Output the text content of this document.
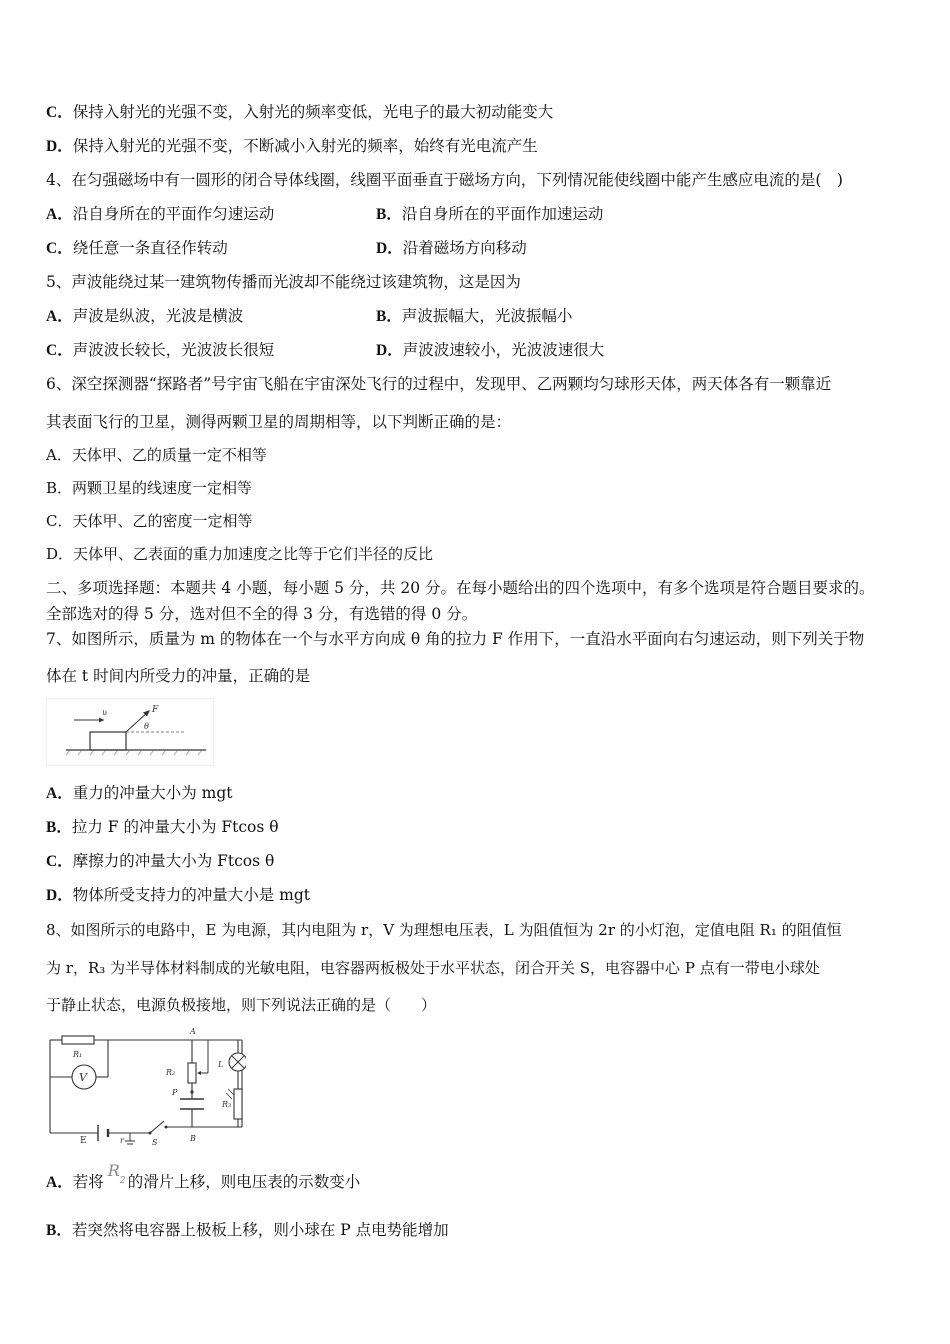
C．保持入射光的光强不变，入射光的频率变低，光电子的最大初动能变大
D．保持入射光的光强不变，不断减小入射光的频率，始终有光电流产生
4、在匀强磁场中有一圆形的闭合导体线圈，线圈平面垂直于磁场方向，下列情况能使线圈中能产生感应电流的是(　)
A．沿自身所在的平面作匀速运动	B．沿自身所在的平面作加速运动
C．绕任意一条直径作转动	D．沿着磁场方向移动
5、声波能绕过某一建筑物传播而光波却不能绕过该建筑物，这是因为
A．声波是纵波，光波是横波	B．声波振幅大，光波振幅小
C．声波波长较长，光波波长很短	D．声波波速较小，光波波速很大
6、深空探测器“探路者”号宇宙飞船在宇宙深处飞行的过程中，发现甲、乙两颗均匀球形天体，两天体各有一颗靠近
其表面飞行的卫星，测得两颗卫星的周期相等，以下判断正确的是：
A．天体甲、乙的质量一定不相等
B．两颗卫星的线速度一定相等
C．天体甲、乙的密度一定相等
D．天体甲、乙表面的重力加速度之比等于它们半径的反比
二、多项选择题：本题共 4 小题，每小题 5 分，共 20 分。在每小题给出的四个选项中，有多个选项是符合题目要求的。
全部选对的得 5 分，选对但不全的得 3 分，有选错的得 0 分。
7、如图所示，质量为 m 的物体在一个与水平方向成 θ 角的拉力 F 作用下，一直沿水平面向右匀速运动，则下列关于物
体在 t 时间内所受力的冲量，正确的是
υ	F
θ
A．重力的冲量大小为 mgt
B．拉力 F 的冲量大小为 Ftcos θ
C．摩擦力的冲量大小为 Ftcos θ
D．物体所受支持力的冲量大小是 mgt
8、如图所示的电路中，E 为电源，其内电阻为 r，V 为理想电压表，L 为阻值恒为 2r 的小灯泡，定值电阻 R₁ 的阻值恒
为 r，R₃ 为半导体材料制成的光敏电阻，电容器两板极处于水平状态，闭合开关 S，电容器中心 P 点有一带电小球处
于静止状态，电源负极接地，则下列说法正确的是（　　）
R₁
V	R₂
A
P
B
L
R₃
E	r	S
A．若将
R
2 的滑片上移，则电压表的示数变小
B．若突然将电容器上极板上移，则小球在 P 点电势能增加
